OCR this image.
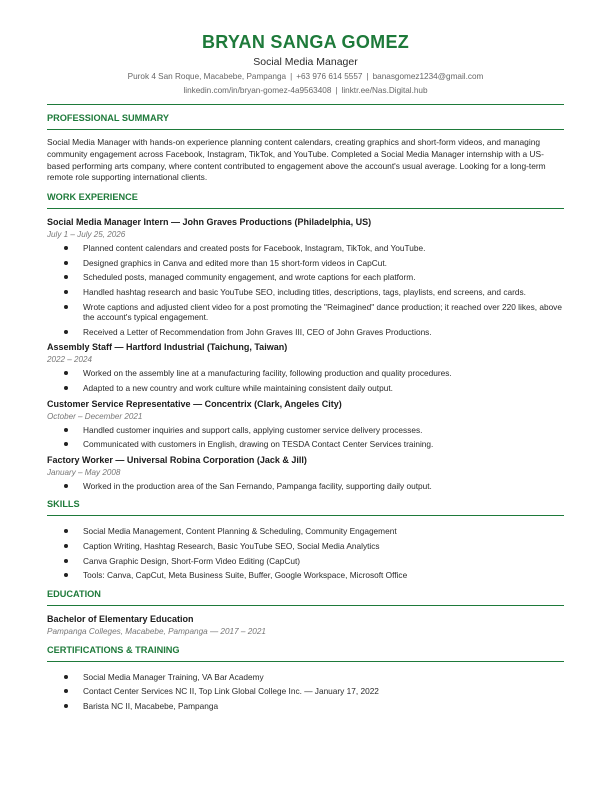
BRYAN SANGA GOMEZ
Social Media Manager
Purok 4 San Roque, Macabebe, Pampanga | +63 976 614 5557 | banasgomez1234@gmail.com
linkedin.com/in/bryan-gomez-4a9563408 | linktr.ee/Nas.Digital.hub
PROFESSIONAL SUMMARY

Social Media Manager with hands-on experience planning content calendars, creating graphics and short-form videos, and managing community engagement across Facebook, Instagram, TikTok, and YouTube. Completed a Social Media Manager internship with a US-based performing arts company, where content contributed to engagement above the account's usual average. Looking for a long-term remote role supporting international clients.

WORK EXPERIENCE
Social Media Manager Intern — John Graves Productions (Philadelphia, US)
July 1 – July 25, 2026
Planned content calendars and created posts for Facebook, Instagram, TikTok, and YouTube.
Designed graphics in Canva and edited more than 15 short-form videos in CapCut.
Scheduled posts, managed community engagement, and wrote captions for each platform.
Handled hashtag research and basic YouTube SEO, including titles, descriptions, tags, playlists, end screens, and cards.
Wrote captions and adjusted client video for a post promoting the "Reimagined" dance production; it reached over 220 likes, above the account's typical engagement.
Received a Letter of Recommendation from John Graves III, CEO of John Graves Productions.
Assembly Staff — Hartford Industrial (Taichung, Taiwan)
2022 – 2024
Worked on the assembly line at a manufacturing facility, following production and quality procedures.
Adapted to a new country and work culture while maintaining consistent daily output.
Customer Service Representative — Concentrix (Clark, Angeles City)
October – December 2021
Handled customer inquiries and support calls, applying customer service delivery processes.
Communicated with customers in English, drawing on TESDA Contact Center Services training.
Factory Worker — Universal Robina Corporation (Jack & Jill)
January – May 2008
Worked in the production area of the San Fernando, Pampanga facility, supporting daily output.
SKILLS
Social Media Management, Content Planning & Scheduling, Community Engagement
Caption Writing, Hashtag Research, Basic YouTube SEO, Social Media Analytics
Canva Graphic Design, Short-Form Video Editing (CapCut)
Tools: Canva, CapCut, Meta Business Suite, Buffer, Google Workspace, Microsoft Office
EDUCATION
Bachelor of Elementary Education
Pampanga Colleges, Macabebe, Pampanga — 2017 – 2021
CERTIFICATIONS & TRAINING
Social Media Manager Training, VA Bar Academy
Contact Center Services NC II, Top Link Global College Inc. — January 17, 2022
Barista NC II, Macabebe, Pampanga
